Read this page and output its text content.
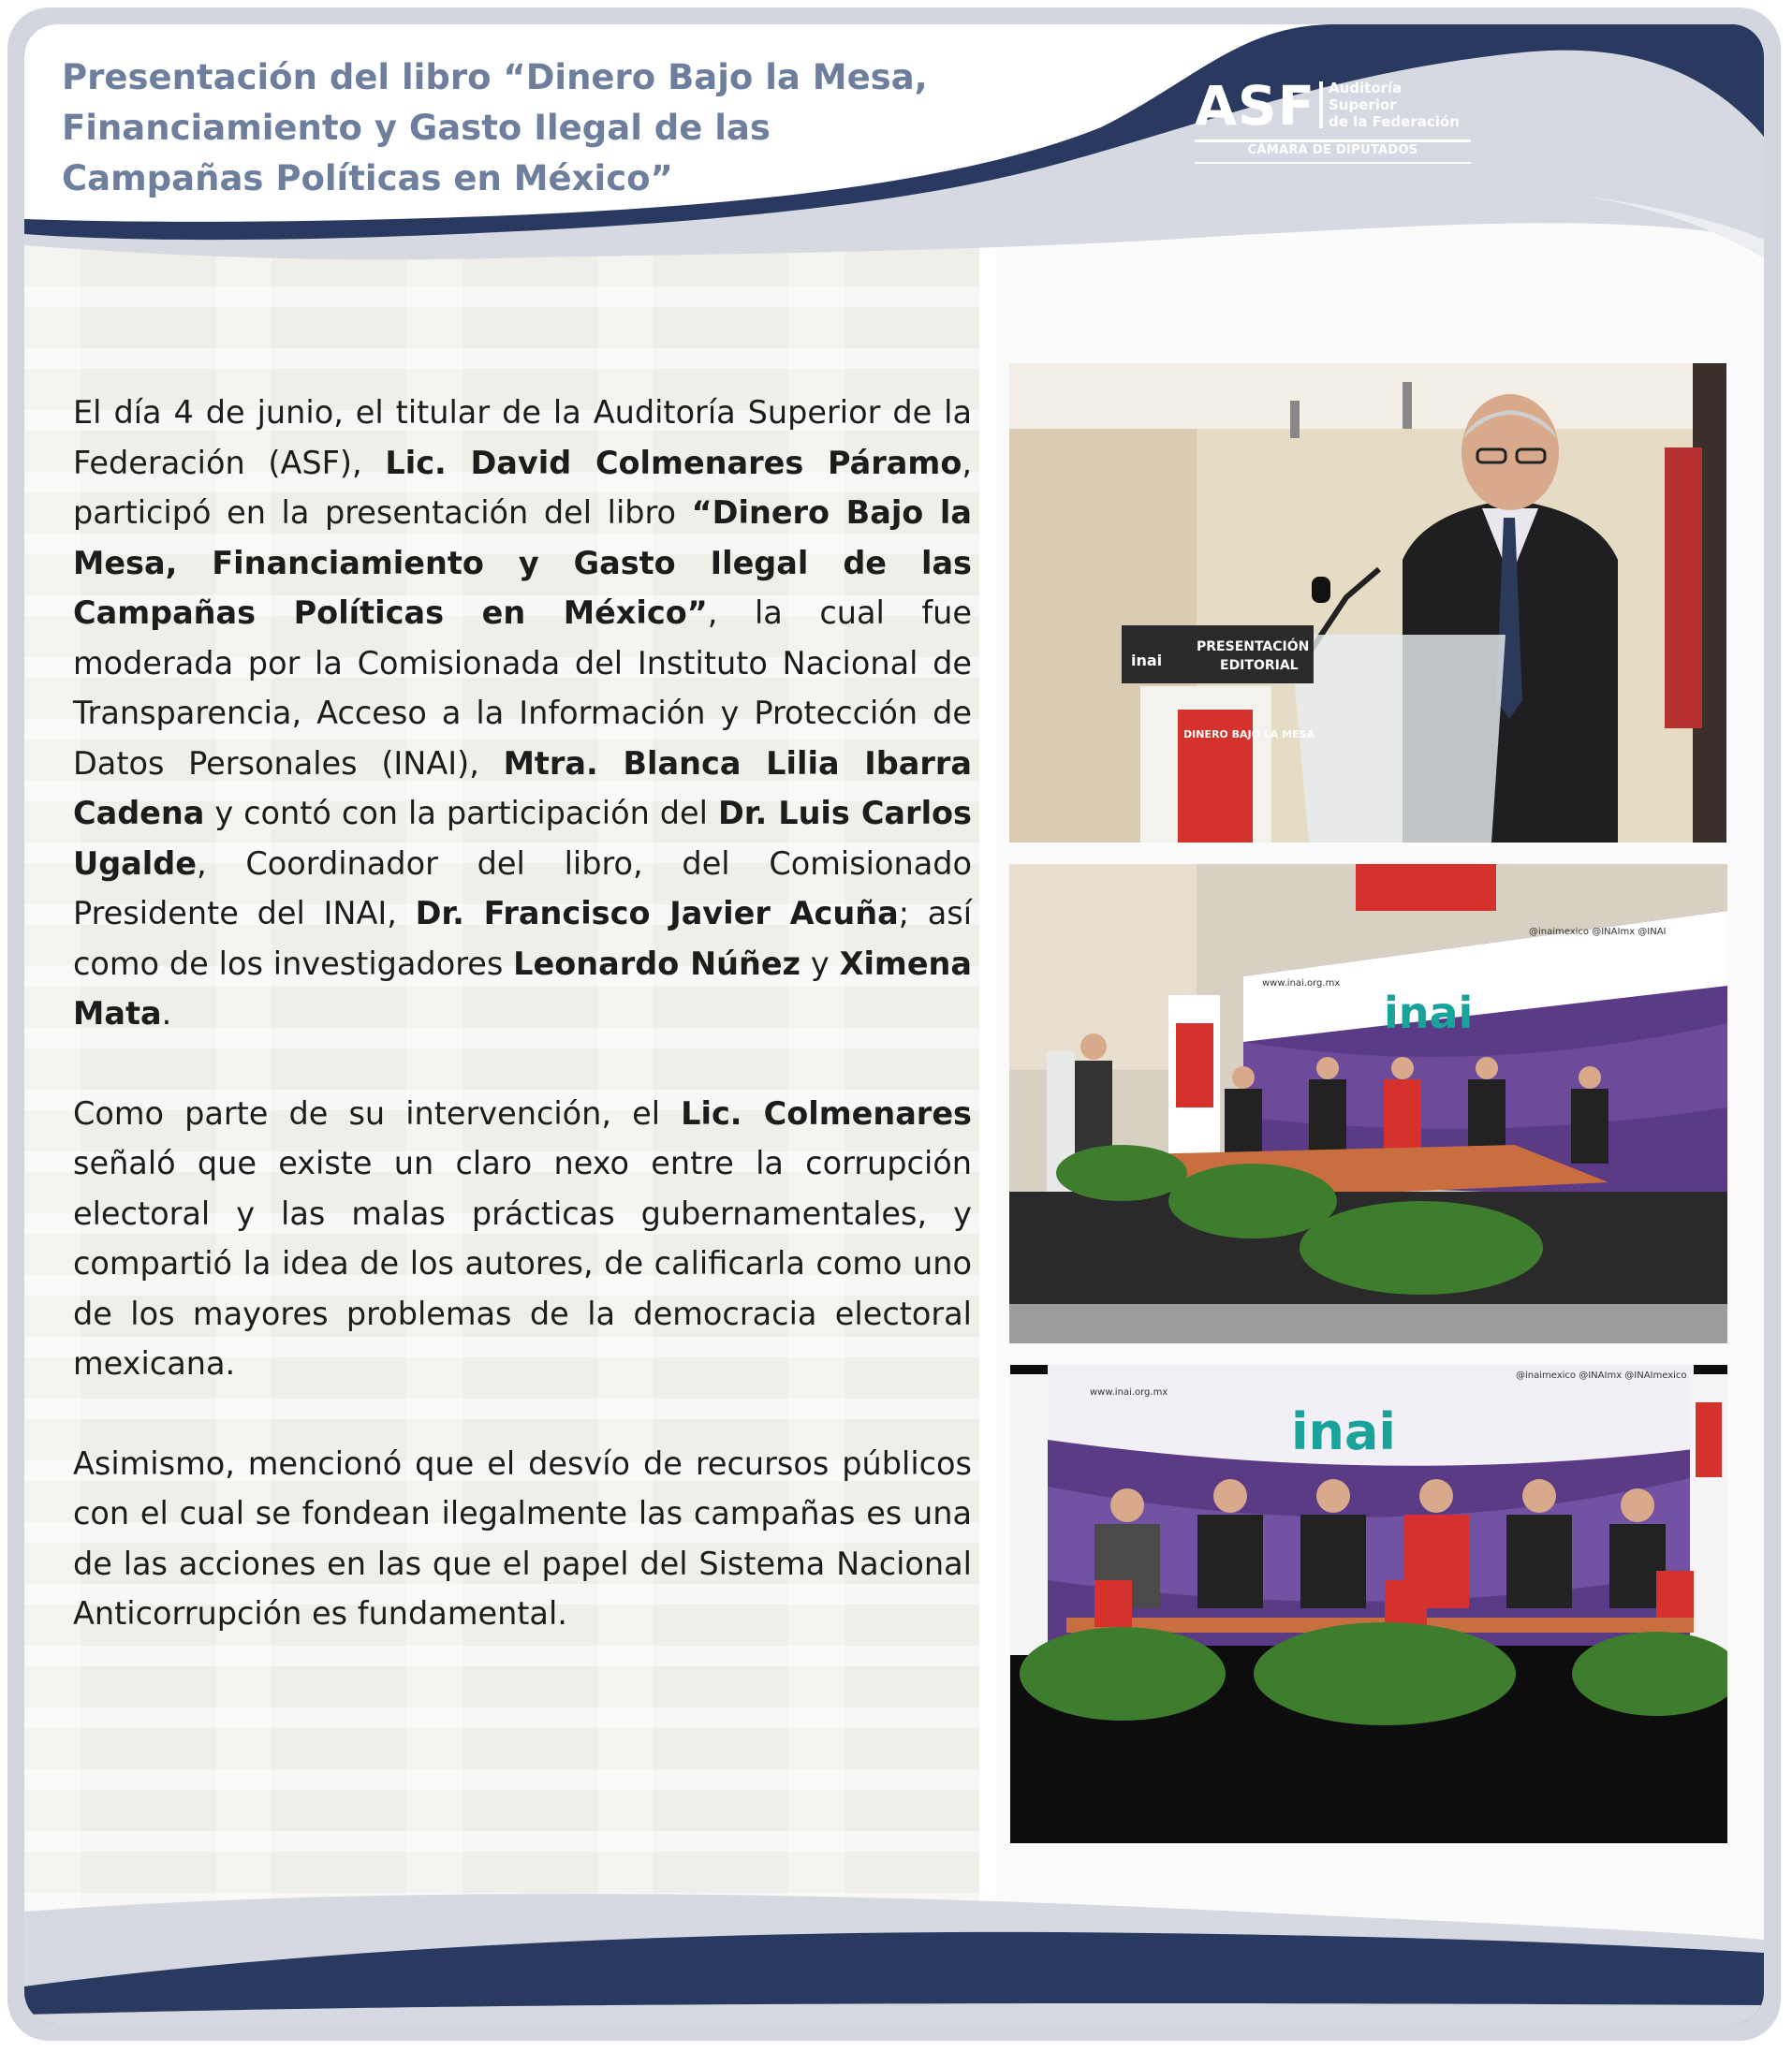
Presentación del libro “Dinero Bajo la Mesa, Financiamiento y Gasto Ilegal de las Campañas Políticas en México”
ASF Auditoría
Superior
de la Federación
CÁMARA DE DIPUTADOS

El día 4 de junio, el titular de la Auditoría Superior de la Federación (ASF), Lic. David Colmenares Páramo, participó en la presentación del libro “Dinero Bajo la Mesa, Financiamiento y Gasto Ilegal de las Campañas Políticas en México”, la cual fue moderada por la Comisionada del Instituto Nacional de Transparencia, Acceso a la Información y Protección de Datos Personales (INAI), Mtra. Blanca Lilia Ibarra Cadena y contó con la participación del Dr. Luis Carlos Ugalde, Coordinador del libro, del Comisionado Presidente del INAI, Dr. Francisco Javier Acuña; así como de los investigadores Leonardo Núñez y Ximena Mata.

Como parte de su intervención, el Lic. Colmenares señaló que existe un claro nexo entre la corrupción electoral y las malas prácticas gubernamentales, y compartió la idea de los autores, de calificarla como uno de los mayores problemas de la democracia electoral mexicana.

Asimismo, mencionó que el desvío de recursos públicos con el cual se fondean ilegalmente las campañas es una de las acciones en las que el papel del Sistema Nacional Anticorrupción es fundamental.

inai
PRESENTACIÓN
EDITORIAL
DINERO BAJO LA MESA
inai
www.inai.org.mx
@inaimexico @INAImx @INAI
inai
www.inai.org.mx
@inaimexico @INAImx @INAImexico
